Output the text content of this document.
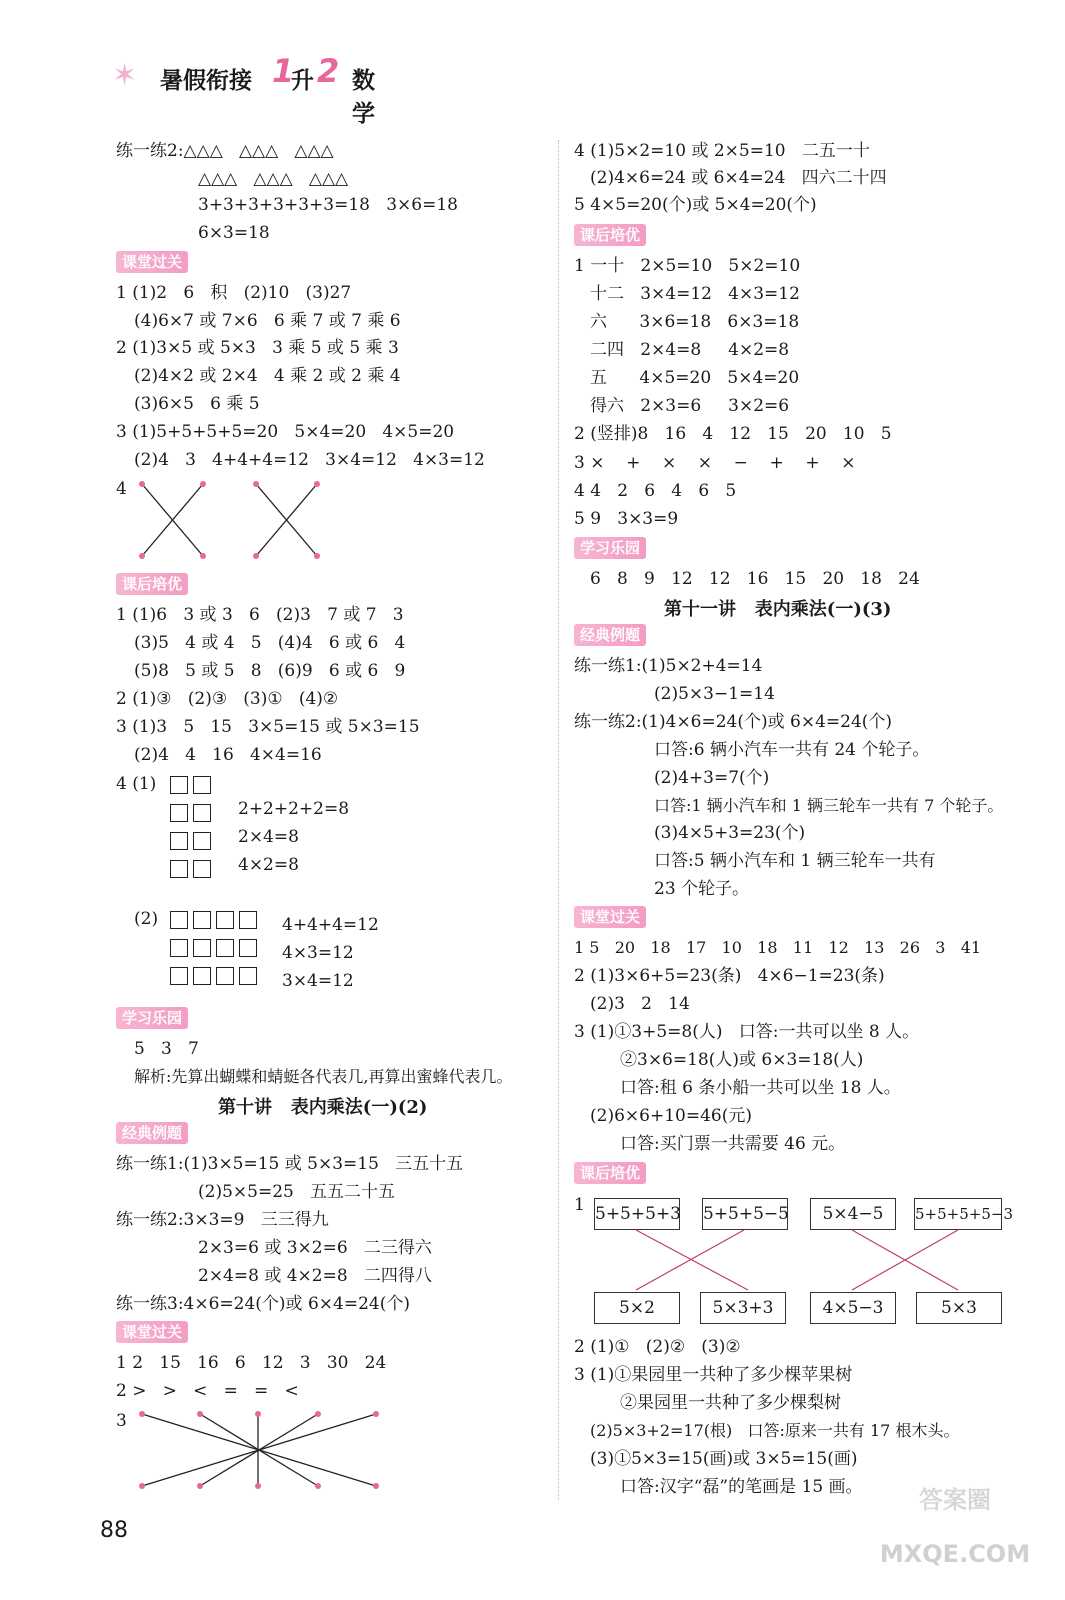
✶ 暑假衔接 1
升 2 数学
练一练2:△△△   △△△   △△△
△△△   △△△   △△△
3+3+3+3+3+3=18   3×6=18
6×3=18
课堂过关
1 (1)2   6   积   (2)10   (3)27
(4)6×7 或 7×6   6 乘 7 或 7 乘 6
2 (1)3×5 或 5×3   3 乘 5 或 5 乘 3
(2)4×2 或 2×4   4 乘 2 或 2 乘 4
(3)6×5   6 乘 5
3 (1)5+5+5+5=20   5×4=20   4×5=20
(2)4   3   4+4+4=12   3×4=12   4×3=12
4
课后培优
1 (1)6   3 或 3   6   (2)3   7 或 7   3
(3)5   4 或 4   5   (4)4   6 或 6   4
(5)8   5 或 5   8   (6)9   6 或 6   9
2 (1)③   (2)③   (3)①   (4)②
3 (1)3   5   15   3×5=15 或 5×3=15
(2)4   4   16   4×4=16
4 (1)
2+2+2+2=8
2×4=8
4×2=8
(2)	4+4+4=12
4×3=12
3×4=12
学习乐园
5   3   7
解析:先算出蝴蝶和蜻蜓各代表几,再算出蜜蜂代表几。
第十讲   表内乘法(一)(2)
经典例题
练一练1:(1)3×5=15 或 5×3=15   三五十五
(2)5×5=25   五五二十五
练一练2:3×3=9   三三得九
2×3=6 或 3×2=6   二三得六
2×4=8 或 4×2=8   二四得八
练一练3:4×6=24(个)或 6×4=24(个)
课堂过关
1 2   15   16   6   12   3   30   24
2 >   >   <   =   =   <
3
4 (1)5×2=10 或 2×5=10   二五一十
(2)4×6=24 或 6×4=24   四六二十四
5 4×5=20(个)或 5×4=20(个)
课后培优
1 一十   2×5=10   5×2=10
十二   3×4=12   4×3=12
六      3×6=18   6×3=18
二四   2×4=8     4×2=8
五      4×5=20   5×4=20
得六   2×3=6     3×2=6
2 (竖排)8   16   4   12   15   20   10   5
3 ×    +    ×    ×    −    +    +    ×
4 4   2   6   4   6   5
5 9   3×3=9
学习乐园
6   8   9   12   12   16   15   20   18   24
第十一讲   表内乘法(一)(3)
经典例题
练一练1:(1)5×2+4=14
(2)5×3−1=14
练一练2:(1)4×6=24(个)或 6×4=24(个)
口答:6 辆小汽车一共有 24 个轮子。
(2)4+3=7(个)
口答:1 辆小汽车和 1 辆三轮车一共有 7 个轮子。
(3)4×5+3=23(个)
口答:5 辆小汽车和 1 辆三轮车一共有
23 个轮子。
课堂过关
1 5   20   18   17   10   18   11   12   13   26   3   41
2 (1)3×6+5=23(条)   4×6−1=23(条)
(2)3   2   14
3 (1)①3+5=8(人)   口答:一共可以坐 8 人。
②3×6=18(人)或 6×3=18(人)
口答:租 6 条小船一共可以坐 18 人。
(2)6×6+10=46(元)
口答:买门票一共需要 46 元。
课后培优
1 5+5+5+3 5+5+5−5	5×4−5	5+5+5+5−3
5×2	5×3+3	4×5−3	5×3
2 (1)①   (2)②   (3)②
3 (1)①果园里一共种了多少棵苹果树
②果园里一共种了多少棵梨树
(2)5×3+2=17(根)   口答:原来一共有 17 根木头。
(3)①5×3=15(画)或 3×5=15(画)
口答:汉字“磊”的笔画是 15 画。
88
答案圈
MXQE.COM
